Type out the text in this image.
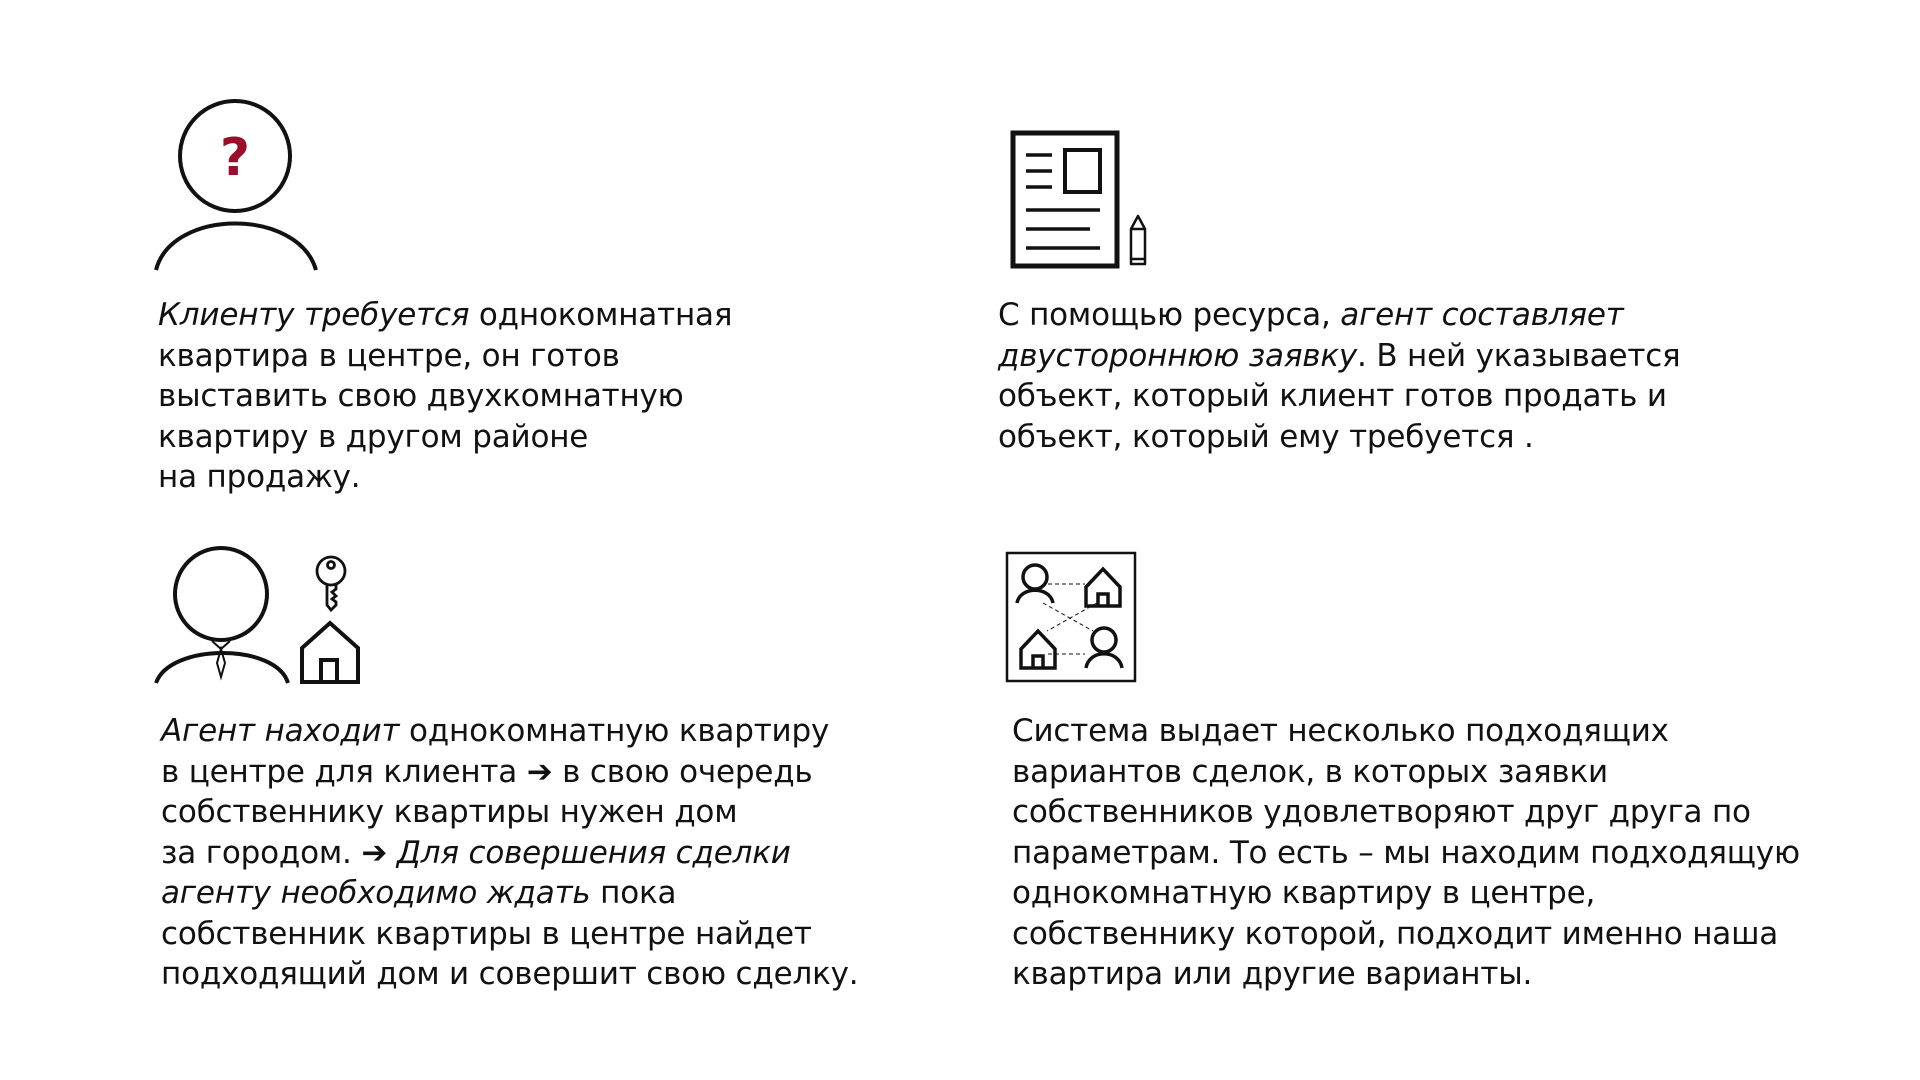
?
Клиенту требуется однокомнатная
квартира в центре, он готов
выставить свою двухкомнатную
квартиру в другом районе
на продажу.
С помощью ресурса, агент составляет
двустороннюю заявку. В ней указывается
объект, который клиент готов продать и
объект, который ему требуется .
Агент находит однокомнатную квартиру
в центре для клиента ➔ в свою очередь
собственнику квартиры нужен дом
за городом. ➔ Для совершения сделки
агенту необходимо ждать пока
собственник квартиры в центре найдет
подходящий дом и совершит свою сделку.
Система выдает несколько подходящих
вариантов сделок, в которых заявки
собственников удовлетворяют друг друга по
параметрам. То есть – мы находим подходящую
однокомнатную квартиру в центре,
собственнику которой, подходит именно наша
квартира или другие варианты.
